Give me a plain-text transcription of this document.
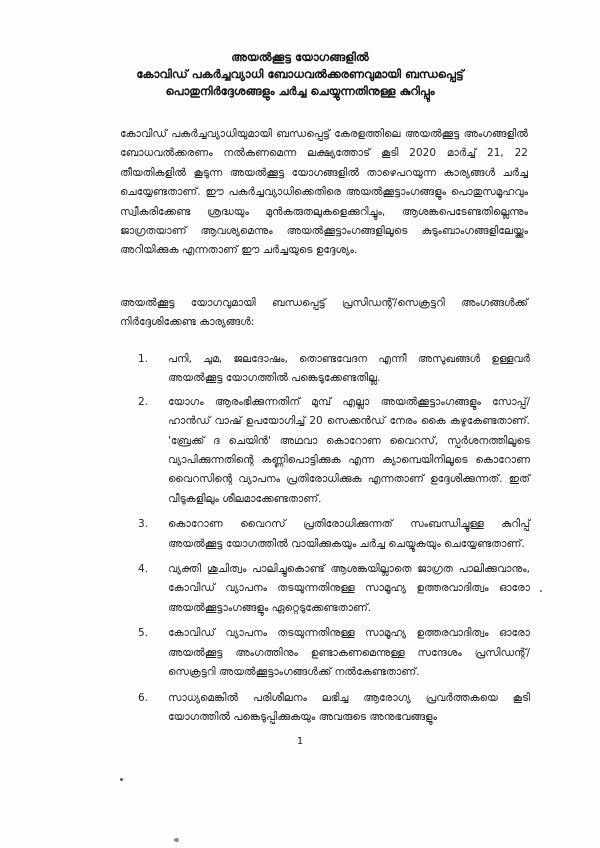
അയൽക്കൂട്ട യോഗങ്ങളിൽ
കോവിഡ് പകർച്ചവ്യാധി ബോധവൽക്കരണവുമായി ബന്ധപ്പെട്ട്
പൊതുനിർദ്ദേശങ്ങളും ചർച്ച ചെയ്യുന്നതിനുള്ള കുറിപ്പും

കോവിഡ് പകർച്ചവ്യാധിയുമായി ബന്ധപ്പെട്ട് കേരളത്തിലെ അയൽക്കൂട്ട അംഗങ്ങളിൽ ബോധവൽക്കരണം നൽകണമെന്ന ലക്ഷ്യത്തോട് കൂടി 2020 മാർച്ച് 21, 22 തീയതികളിൽ കൂടുന്ന അയൽക്കൂട്ട യോഗങ്ങളിൽ താഴെപറയുന്ന കാര്യങ്ങൾ ചർച്ച ചെയ്യേണ്ടതാണ്. ഈ പകർച്ചവ്യാധിക്കെതിരെ അയൽക്കൂട്ടാംഗങ്ങളും പൊതുസമൂഹവും സ്വീകരിക്കേണ്ട ശ്രദ്ധയും മുൻകരുതലുകളെക്കുറിച്ചും, ആശങ്കപെടേണ്ടതില്ലെന്നും ജാഗ്രതയാണ് ആവശ്യമെന്നും അയൽക്കൂട്ടാംഗങ്ങളിലൂടെ കുടുംബാംഗങ്ങളിലേയ്ക്കും അറിയിക്കുക എന്നതാണ് ഈ ചർച്ചയുടെ ഉദ്ദേശ്യം.

അയൽക്കൂട്ട യോഗവുമായി ബന്ധപ്പെട്ട് പ്രസിഡന്റ്/സെക്രട്ടറി അംഗങ്ങൾക്ക് നിർദ്ദേശിക്കേണ്ട കാര്യങ്ങൾ:

1. പനി, ചുമ, ജലദോഷം, തൊണ്ടവേദന എന്നീ അസുഖങ്ങൾ ഉള്ളവർ അയൽക്കൂട്ട യോഗത്തിൽ പങ്കെടുക്കേണ്ടതില്ല.
2. യോഗം ആരംഭിക്കുന്നതിന് മുമ്പ് എല്ലാ അയൽക്കൂട്ടാംഗങ്ങളും സോപ്പ്/ ഹാൻഡ് വാഷ് ഉപയോഗിച്ച് 20 സെക്കൻഡ് നേരം കൈ കഴുകേണ്ടതാണ്. 'ബ്രേക്ക് ദ ചെയിൻ' അഥവാ കൊറോണ വൈറസ്, സ്പർശനത്തിലൂടെ വ്യാപിക്കുന്നതിന്റെ കണ്ണിപൊട്ടിക്കുക എന്ന ക്യാമ്പെയിനിലൂടെ കൊറോണ വൈറസിന്റെ വ്യാപനം പ്രതിരോധിക്കുക എന്നതാണ് ഉദ്ദേശിക്കുന്നത്. ഇത് വീടുകളിലും ശീലമാക്കേണ്ടതാണ്.
3. കൊറോണ വൈറസ് പ്രതിരോധിക്കുന്നത് സംബന്ധിച്ചുള്ള കുറിപ്പ് അയൽക്കൂട്ട യോഗത്തിൽ വായിക്കുകയും ചർച്ച ചെയ്യുകയും ചെയ്യേണ്ടതാണ്.
4. വ്യക്തി ശുചിത്വം പാലിച്ചുകൊണ്ട് ആശങ്കയില്ലാതെ ജാഗ്രത പാലിക്കുവാനും, കോവിഡ് വ്യാപനം തടയുന്നതിനുള്ള സാമൂഹ്യ ഉത്തരവാദിത്വം ഓരോ അയൽക്കൂട്ടാംഗങ്ങളും ഏറ്റെടുക്കേണ്ടതാണ്.
5. കോവിഡ് വ്യാപനം തടയുന്നതിനുള്ള സാമൂഹ്യ ഉത്തരവാദിത്വം ഓരോ അയൽക്കൂട്ട അംഗത്തിനും ഉണ്ടാകണമെന്നുള്ള സന്ദേശം പ്രസിഡന്റ്/സെക്രട്ടറി അയൽക്കൂട്ടാംഗങ്ങൾക്ക് നൽകേണ്ടതാണ്.
6. സാധ്യമെങ്കിൽ പരിശീലനം ലഭിച്ച ആരോഗ്യ പ്രവർത്തകയെ കൂടി യോഗത്തിൽ പങ്കെടുപ്പിക്കുകയും അവരുടെ അനുഭവങ്ങളും
1
